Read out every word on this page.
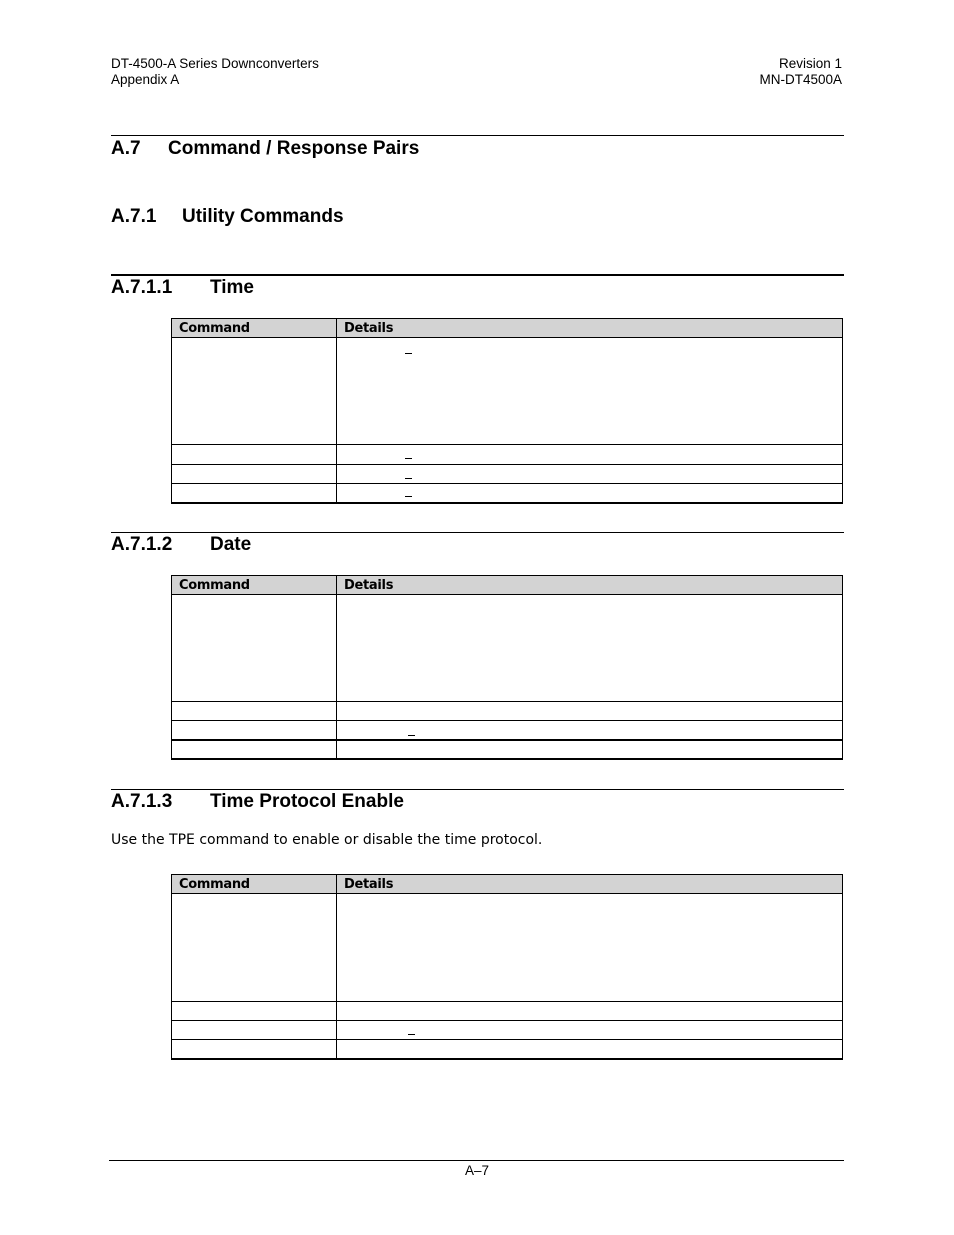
DT-4500-A Series Downconverters
Appendix A
Revision 1
MN-DT4500A
A.7 Command / Response Pairs
A.7.1 Utility Commands
A.7.1.1 Time
Command	Details

A.7.1.2 Date
Command	Details

A.7.1.3 Time Protocol Enable
Use the TPE command to enable or disable the time protocol.
Command	Details

A–7
